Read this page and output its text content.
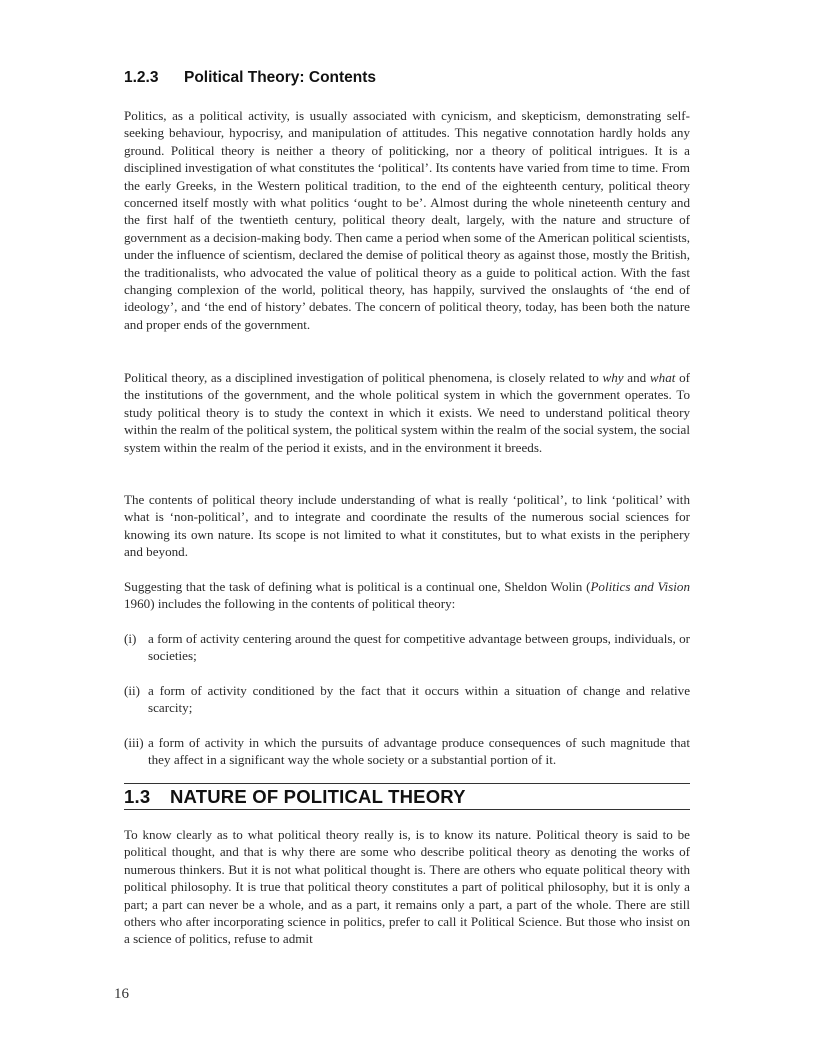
1.2.3 Political Theory: Contents

Politics, as a political activity, is usually associated with cynicism, and skepticism, demonstrating self-seeking behaviour, hypocrisy, and manipulation of attitudes. This negative connotation hardly holds any ground. Political theory is neither a theory of politicking, nor a theory of political intrigues. It is a disciplined investigation of what constitutes the ‘political’. Its contents have varied from time to time. From the early Greeks, in the Western political tradition, to the end of the eighteenth century, political theory concerned itself mostly with what politics ‘ought to be’. Almost during the whole nineteenth century and the first half of the twentieth century, political theory dealt, largely, with the nature and structure of government as a decision-making body. Then came a period when some of the American political scientists, under the influence of scientism, declared the demise of political theory as against those, mostly the British, the traditionalists, who advocated the value of political theory as a guide to political action. With the fast changing complexion of the world, political theory, has happily, survived the onslaughts of ‘the end of ideology’, and ‘the end of history’ debates. The concern of political theory, today, has been both the nature and proper ends of the government.

Political theory, as a disciplined investigation of political phenomena, is closely related to why and what of the institutions of the government, and the whole political system in which the government operates. To study political theory is to study the context in which it exists. We need to understand political theory within the realm of the political system, the political system within the realm of the social system, the social system within the realm of the period it exists, and in the environment it breeds.

The contents of political theory include understanding of what is really ‘political’, to link ‘political’ with what is ‘non-political’, and to integrate and coordinate the results of the numerous social sciences for knowing its own nature. Its scope is not limited to what it constitutes, but to what exists in the periphery and beyond.

Suggesting that the task of defining what is political is a continual one, Sheldon Wolin (Politics and Vision 1960) includes the following in the contents of political theory:

(i) a form of activity centering around the quest for competitive advantage between groups, individuals, or societies;
(ii) a form of activity conditioned by the fact that it occurs within a situation of change and relative scarcity;
(iii) a form of activity in which the pursuits of advantage produce consequences of such magnitude that they affect in a significant way the whole society or a substantial portion of it.
1.3 NATURE OF POLITICAL THEORY

To know clearly as to what political theory really is, is to know its nature. Political theory is said to be political thought, and that is why there are some who describe political theory as denoting the works of numerous thinkers. But it is not what political thought is. There are others who equate political theory with political philosophy. It is true that political theory constitutes a part of political philosophy, but it is only a part; a part can never be a whole, and as a part, it remains only a part, a part of the whole. There are still others who after incorporating science in politics, prefer to call it Political Science. But those who insist on a science of politics, refuse to admit

16
